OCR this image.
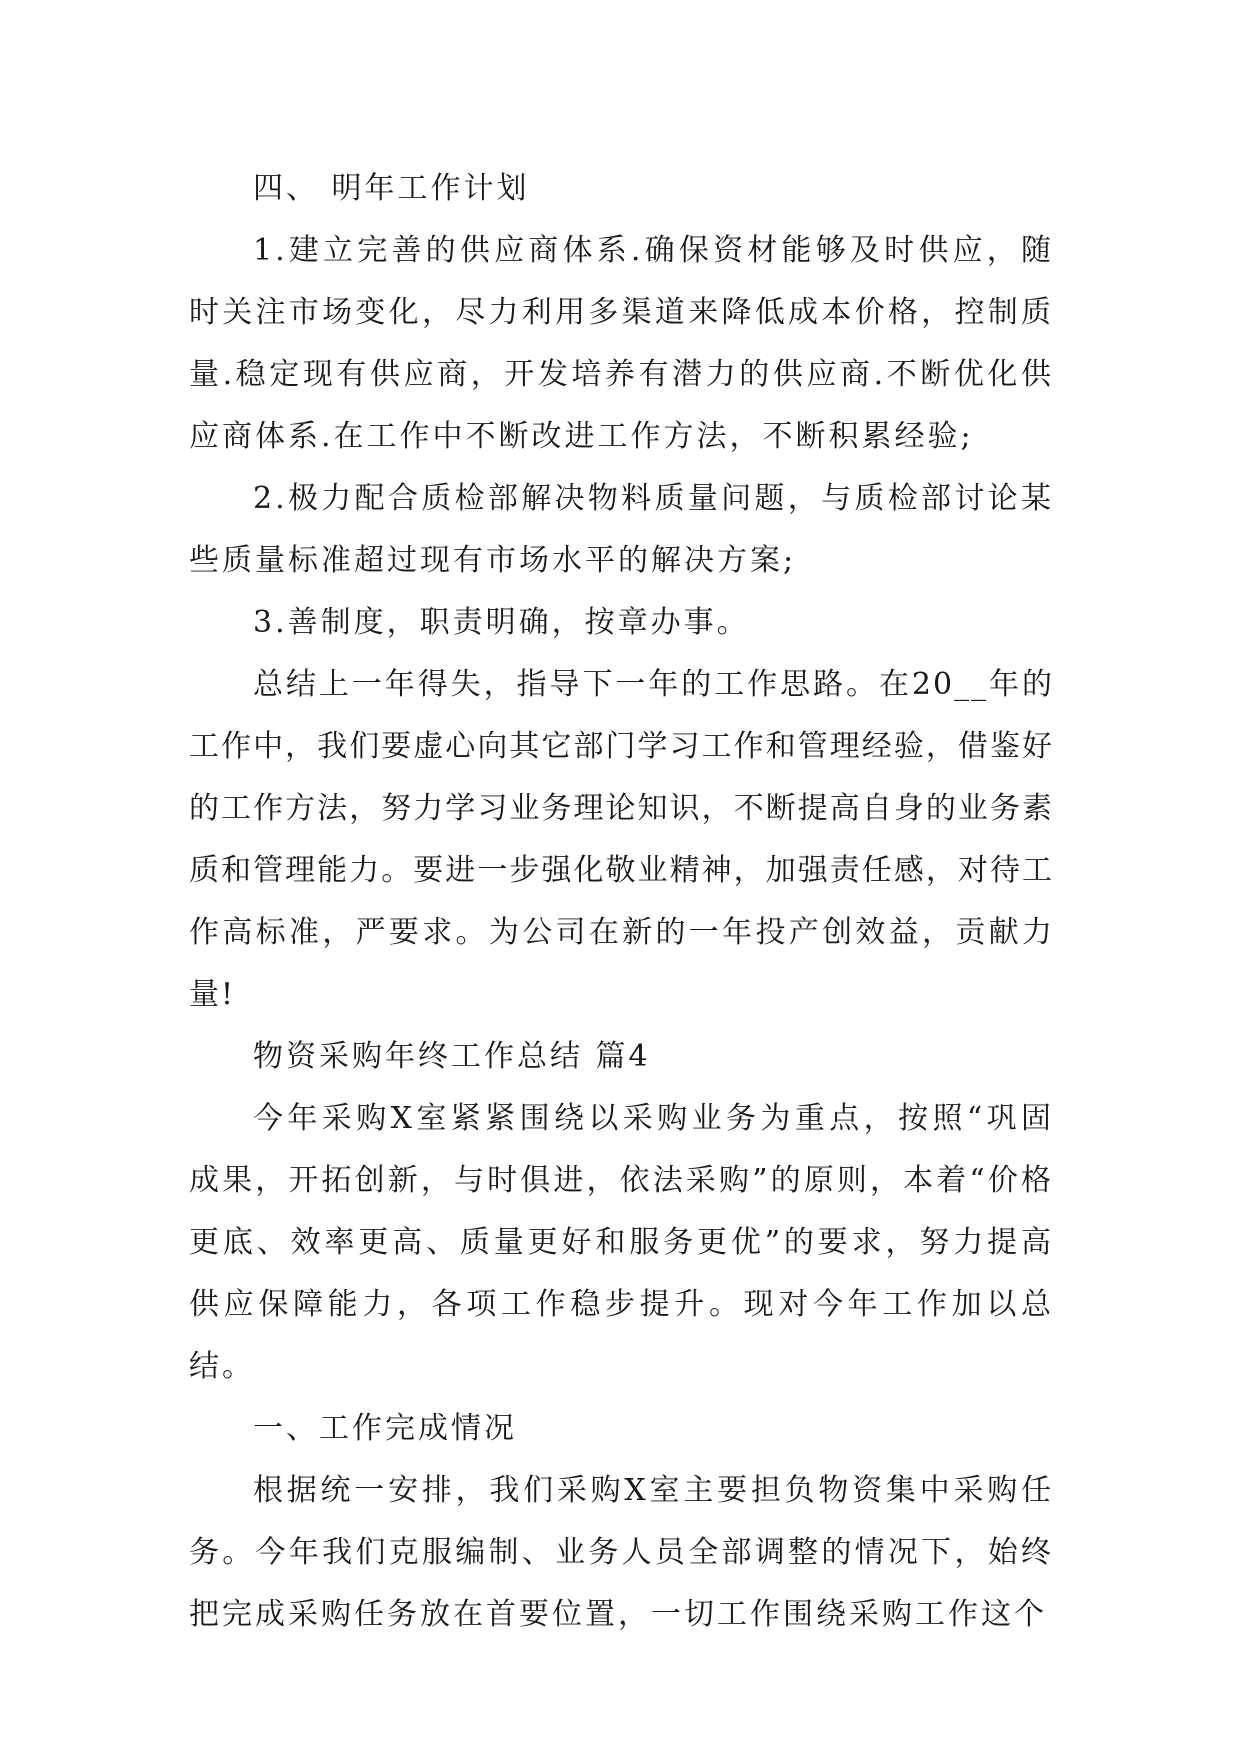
四、 明年工作计划

1.建立完善的供应商体系.确保资材能够及时供应，随时关注市场变化，尽力利用多渠道来降低成本价格，控制质量.稳定现有供应商，开发培养有潜力的供应商.不断优化供应商体系.在工作中不断改进工作方法，不断积累经验;

2.极力配合质检部解决物料质量问题，与质检部讨论某些质量标准超过现有市场水平的解决方案;

3.善制度，职责明确，按章办事。

总结上一年得失，指导下一年的工作思路。在20__年的工作中，我们要虚心向其它部门学习工作和管理经验，借鉴好的工作方法，努力学习业务理论知识，不断提高自身的业务素质和管理能力。要进一步强化敬业精神，加强责任感，对待工作高标准，严要求。为公司在新的一年投产创效益，贡献力量!

物资采购年终工作总结 篇4

今年采购X室紧紧围绕以采购业务为重点，按照“巩固成果，开拓创新，与时俱进，依法采购”的原则，本着“价格更底、效率更高、质量更好和服务更优”的要求，努力提高供应保障能力，各项工作稳步提升。现对今年工作加以总结。

一、工作完成情况

根据统一安排，我们采购X室主要担负物资集中采购任务。今年我们克服编制、业务人员全部调整的情况下，始终把完成采购任务放在首要位置，一切工作围绕采购工作这个
